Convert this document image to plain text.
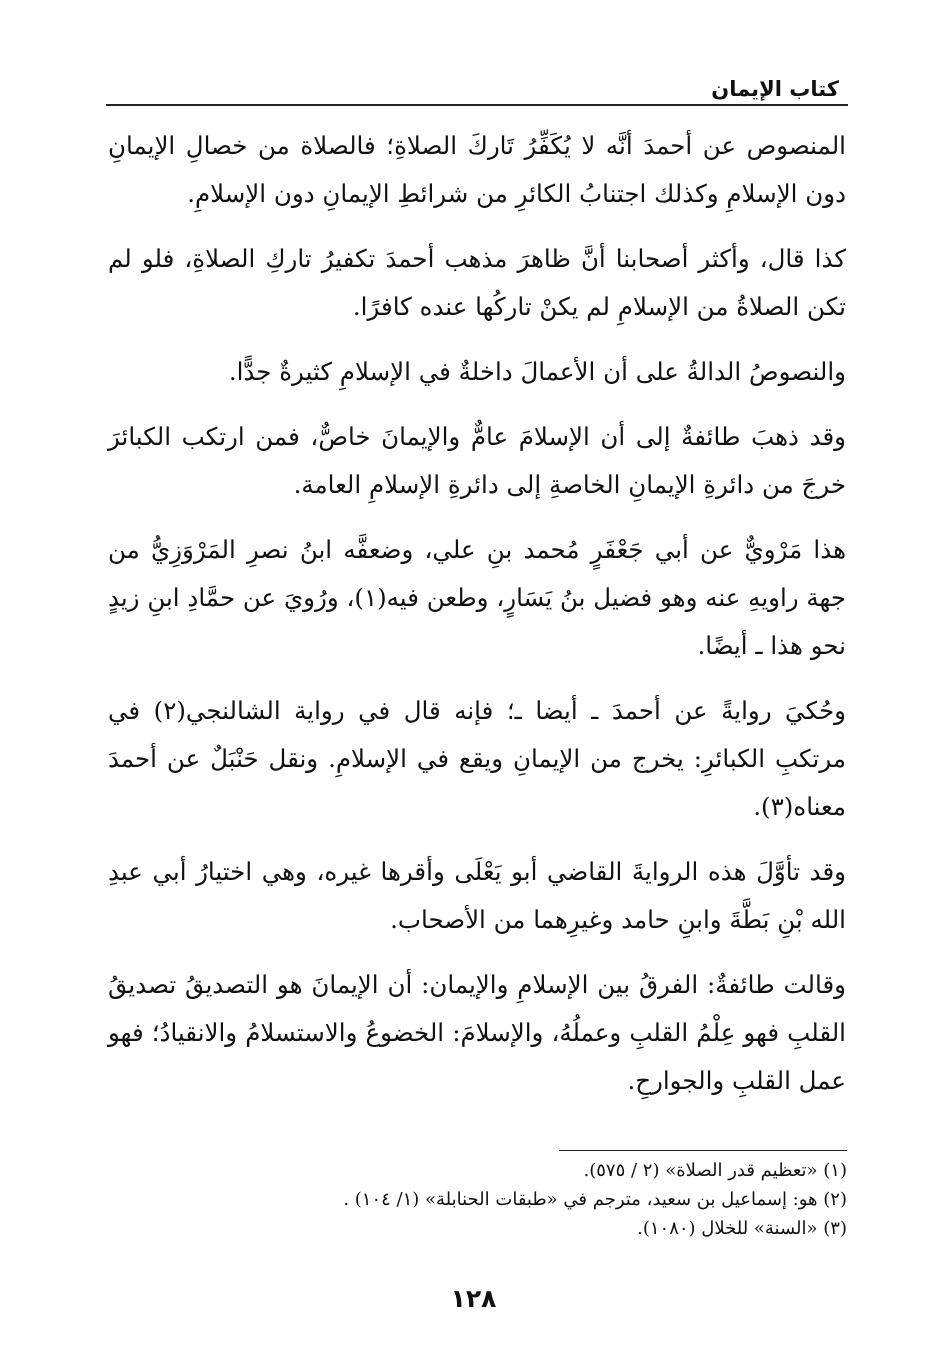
كتاب الإيمان

المنصوص عن أحمدَ أنَّه لا يُكَفِّرُ تَاركَ الصلاةِ؛ فالصلاة من خصالِ الإيمانِ دون الإسلامِ وكذلك اجتنابُ الكائرِ من شرائطِ الإيمانِ دون الإسلامِ.

كذا قال، وأكثر أصحابنا أنَّ ظاهرَ مذهب أحمدَ تكفيرُ تاركِ الصلاةِ، فلو لم تكن الصلاةُ من الإسلامِ لم يكنْ تاركُها عنده كافرًا.

والنصوصُ الدالةُ على أن الأعمالَ داخلةٌ في الإسلامِ كثيرةٌ جدًّا.

وقد ذهبَ طائفةٌ إلى أن الإسلامَ عامٌّ والإيمانَ خاصٌّ، فمن ارتكب الكبائرَ خرجَ من دائرةِ الإيمانِ الخاصةِ إلى دائرةِ الإسلامِ العامة.

هذا مَرْويٌّ عن أبي جَعْفَرٍ مُحمد بنِ علي، وضعفَّه ابنُ نصرِ المَرْوَزِيُّ من جهة راويهِ عنه وهو فضيل بنُ يَسَارٍ، وطعن فيه(١)، ورُويَ عن حمَّادِ ابنِ زيدٍ نحو هذا ـ أيضًا.

وحُكيَ روايةً عن أحمدَ ـ أيضا ـ؛ فإنه قال في رواية الشالنجي(٢) في مرتكبِ الكبائرِ: يخرج من الإيمانِ ويقع في الإسلامِ. ونقل حَنْبَلٌ عن أحمدَ معناه(٣).

وقد تأوَّلَ هذه الروايةَ القاضي أبو يَعْلَى وأقرها غيره، وهي اختيارُ أبي عبدِ الله بْنِ بَطَّةَ وابنِ حامد وغيرِهما من الأصحاب.

وقالت طائفةٌ: الفرقُ بين الإسلامِ والإيمان: أن الإيمانَ هو التصديقُ تصديقُ القلبِ فهو عِلْمُ القلبِ وعملُهُ، والإسلامَ: الخضوعُ والاستسلامُ والانقيادُ؛ فهو عمل القلبِ والجوارحِ.

(١) «تعظيم قدر الصلاة» (٢ / ٥٧٥).

(٢) هو: إسماعيل بن سعيد، مترجم في «طبقات الحنابلة» (١/ ١٠٤) .

(٣) «السنة» للخلال (١٠٨٠).

١٢٨
